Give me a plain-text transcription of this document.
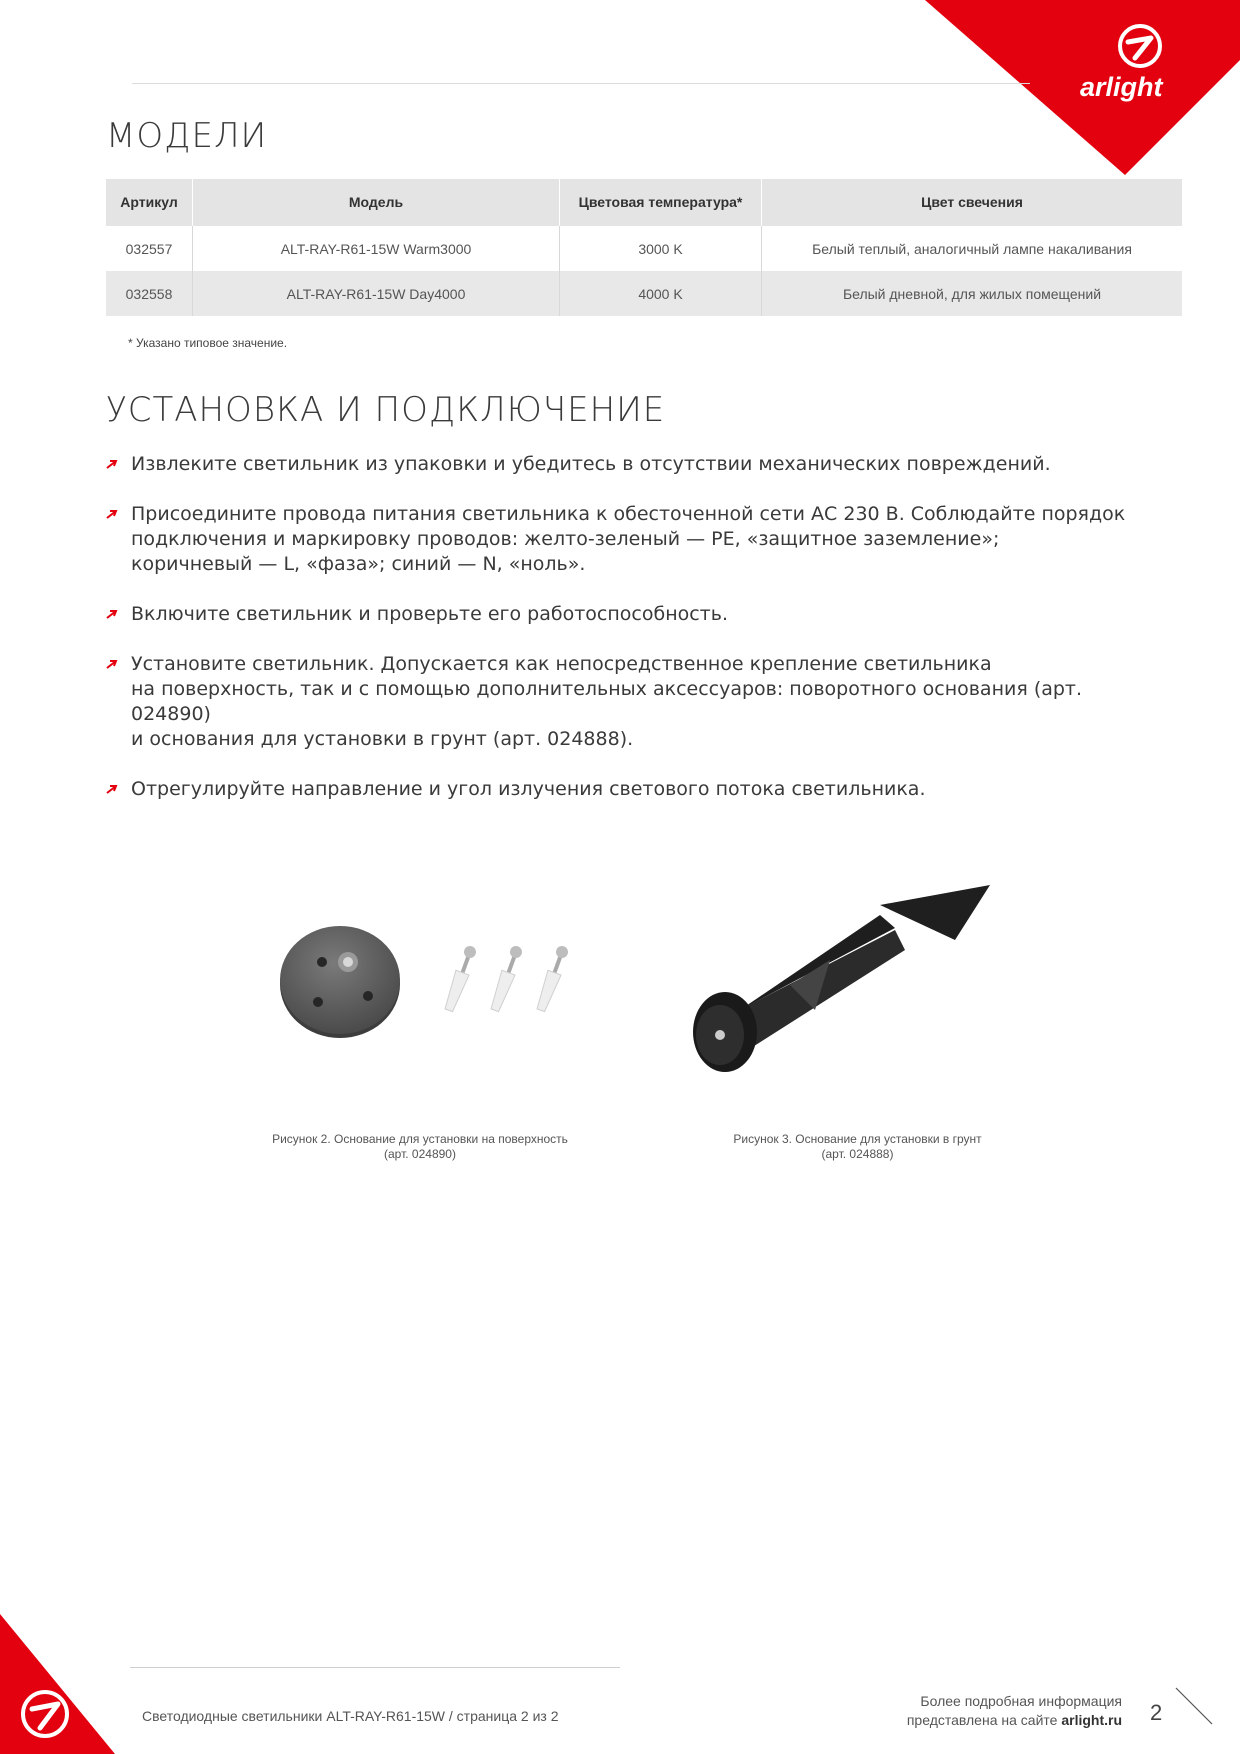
arlight
МОДЕЛИ
Артикул	Модель	Цветовая температура*	Цвет свечения
032557	ALT-RAY-R61-15W Warm3000	3000 K	Белый теплый, аналогичный лампе накаливания
032558	ALT-RAY-R61-15W Day4000	4000 K	Белый дневной, для жилых помещений

* Указано типовое значение.

УСТАНОВКА И ПОДКЛЮЧЕНИЕ
Извлеките светильник из упаковки и убедитесь в отсутствии механических повреждений.
Присоедините провода питания светильника к обесточенной сети АС 230 В. Соблюдайте порядок
подключения и маркировку проводов: желто-зеленый — PE, «защитное заземление»;
коричневый — L, «фаза»; синий — N, «ноль».
Включите светильник и проверьте его работоспособность.
Установите светильник. Допускается как непосредственное крепление светильника
на поверхность, так и с помощью дополнительных аксессуаров: поворотного основания (арт. 024890)
и основания для установки в грунт (арт. 024888).
Отрегулируйте направление и угол излучения светового потока светильника.

Рисунок 2. Основание для установки на поверхность
(арт. 024890)

Рисунок 3. Основание для установки в грунт
(арт. 024888)

Светодиодные светильники ALT-RAY-R61-15W / страница 2 из 2

Более подробная информация
представлена на сайте arlight.ru 2
